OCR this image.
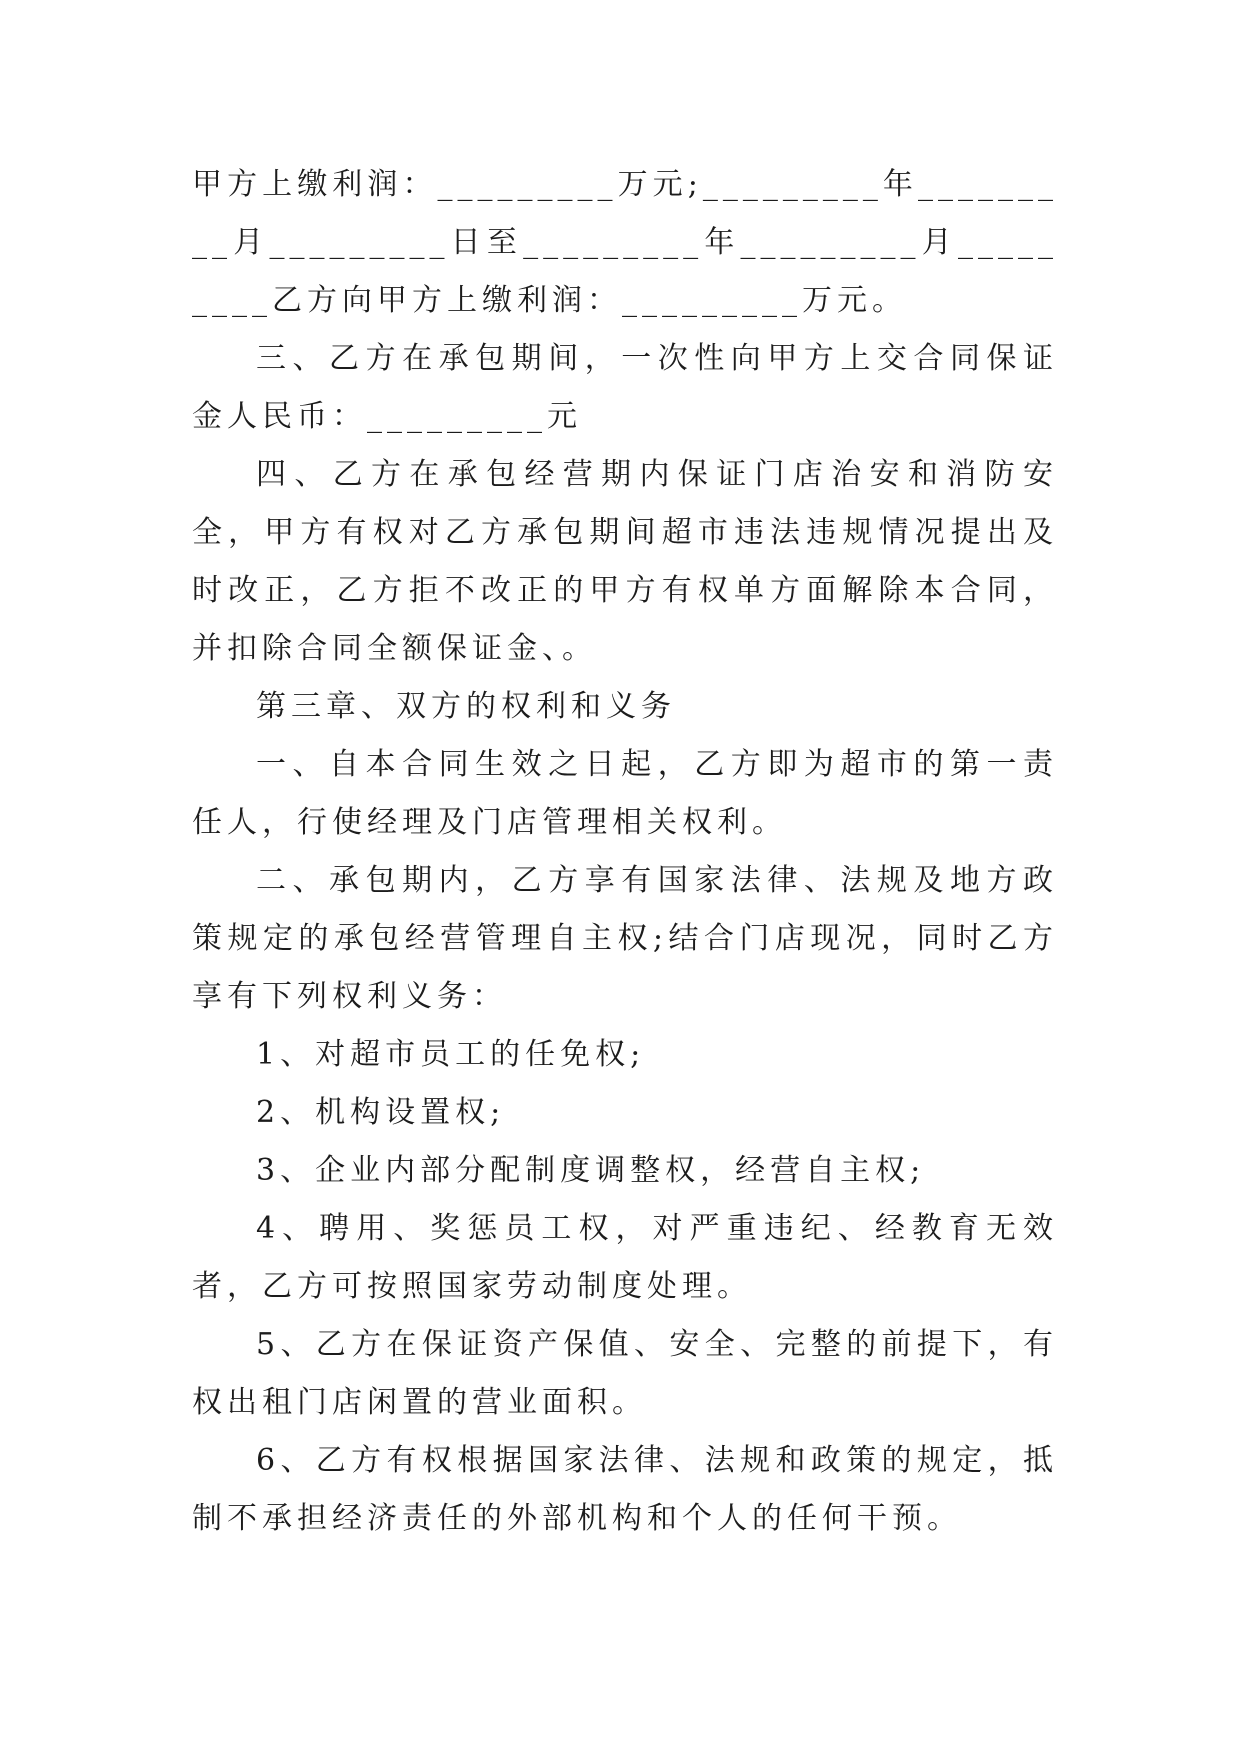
甲方上缴利润：_________万元;_________年_________月_________日至_________年_________月_________乙方向甲方上缴利润：_________万元。

三、乙方在承包期间，一次性向甲方上交合同保证金人民币：_________元

四、乙方在承包经营期内保证门店治安和消防安全，甲方有权对乙方承包期间超市违法违规情况提出及时改正，乙方拒不改正的甲方有权单方面解除本合同，并扣除合同全额保证金、。

第三章、双方的权利和义务

一、自本合同生效之日起，乙方即为超市的第一责任人，行使经理及门店管理相关权利。

二、承包期内，乙方享有国家法律、法规及地方政策规定的承包经营管理自主权;结合门店现况，同时乙方享有下列权利义务：

1、对超市员工的任免权;

2、机构设置权;

3、企业内部分配制度调整权，经营自主权;

4、聘用、奖惩员工权，对严重违纪、经教育无效者，乙方可按照国家劳动制度处理。

5、乙方在保证资产保值、安全、完整的前提下，有权出租门店闲置的营业面积。

6、乙方有权根据国家法律、法规和政策的规定，抵制不承担经济责任的外部机构和个人的任何干预。
